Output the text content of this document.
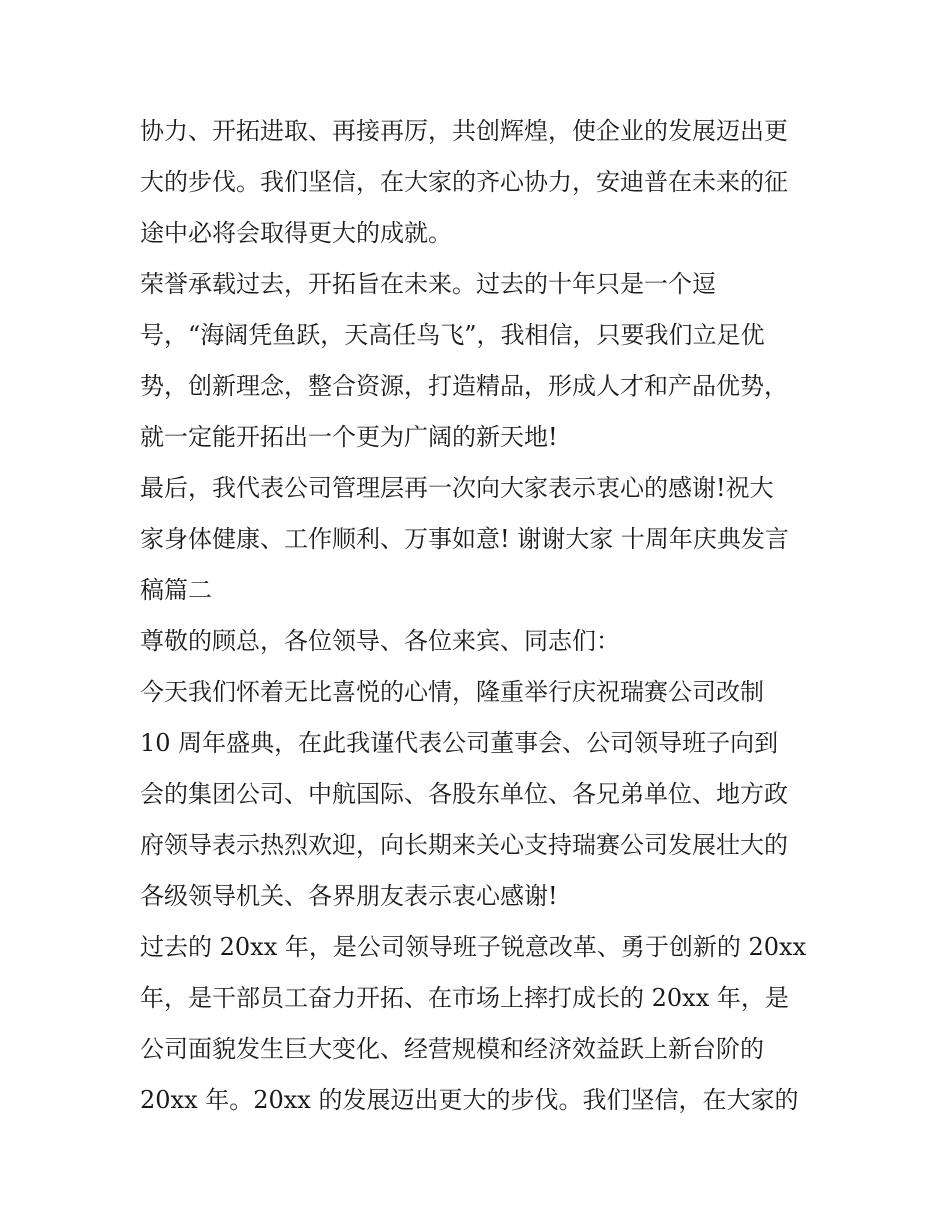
协力、开拓进取、再接再厉，共创辉煌，使企业的发展迈出更
大的步伐。我们坚信，在大家的齐心协力，安迪普在未来的征
途中必将会取得更大的成就。
荣誉承载过去，开拓旨在未来。过去的十年只是一个逗
号，“海阔凭鱼跃，天高任鸟飞”，我相信，只要我们立足优
势，创新理念，整合资源，打造精品，形成人才和产品优势，
就一定能开拓出一个更为广阔的新天地!
最后，我代表公司管理层再一次向大家表示衷心的感谢!祝大
家身体健康、工作顺利、万事如意! 谢谢大家 十周年庆典发言
稿篇二
尊敬的顾总，各位领导、各位来宾、同志们：
今天我们怀着无比喜悦的心情，隆重举行庆祝瑞赛公司改制
10 周年盛典，在此我谨代表公司董事会、公司领导班子向到
会的集团公司、中航国际、各股东单位、各兄弟单位、地方政
府领导表示热烈欢迎，向长期来关心支持瑞赛公司发展壮大的
各级领导机关、各界朋友表示衷心感谢!
过去的 20xx 年，是公司领导班子锐意改革、勇于创新的 20xx
年，是干部员工奋力开拓、在市场上摔打成长的 20xx 年，是
公司面貌发生巨大变化、经营规模和经济效益跃上新台阶的
20xx 年。20xx 的发展迈出更大的步伐。我们坚信，在大家的
